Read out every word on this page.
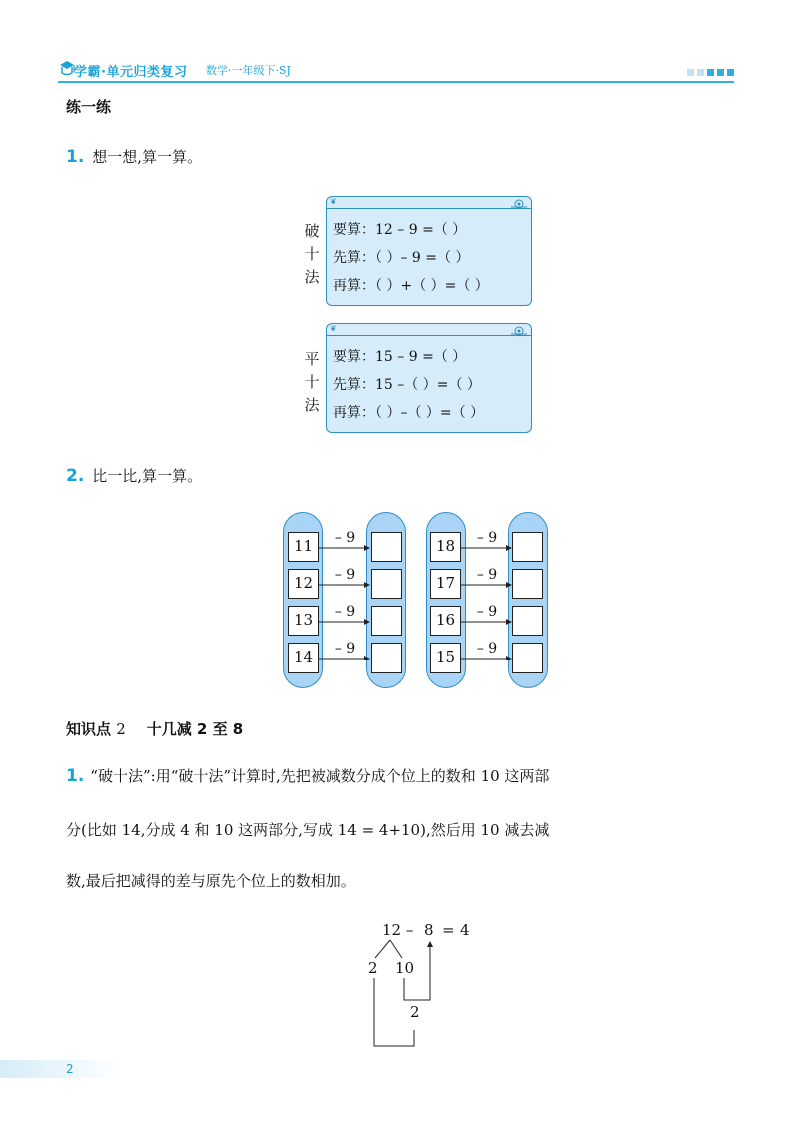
学霸·单元归类复习 数学·一年级下·SJ
练一练
1. 想一想,算一算。
破
十
法
❦
要算：12 – 9 =（ ）
先算：（ ）– 9 =（ ）
再算：（ ）+（ ）=（ ）
平
十
法
❦
要算：15 – 9 =（ ）
先算：15 –（ ）=（ ）
再算：（ ）–（ ）=（ ）
2. 比一比,算一算。
11
12
13
14
18
17
16
15
– 9
– 9
– 9
– 9
– 9
– 9
– 9
– 9
知识点 2 十几减 2 至 8
1. “破十法”:用“破十法”计算时,先把被减数分成个位上的数和 10 这两部
分(比如 14,分成 4 和 10 这两部分,写成 14 = 4+10),然后用 10 减去减
数,最后把减得的差与原先个位上的数相加。
12 – 8 = 4
2 10
2
2
